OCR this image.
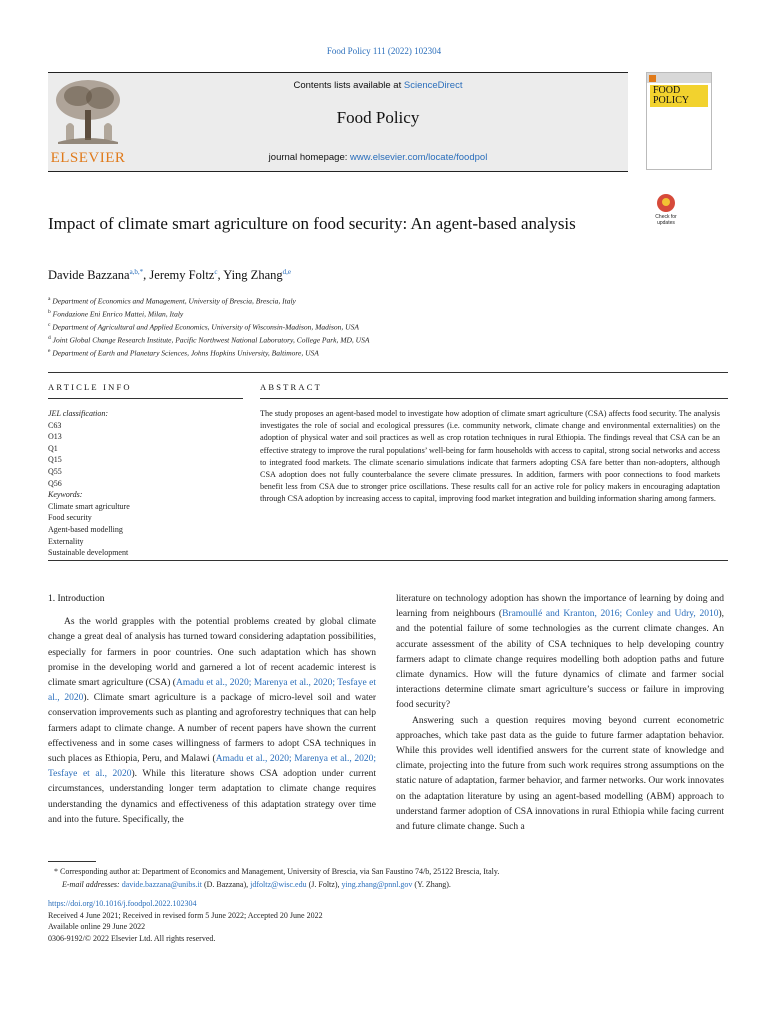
Food Policy 111 (2022) 102304
ELSEVIER
Contents lists available at ScienceDirect
Food Policy
journal homepage: www.elsevier.com/locate/foodpol
FOOD POLICY
Check for
updates
Impact of climate smart agriculture on food security: An agent-based analysis
Davide Bazzana$^{a,b,*}$, Jeremy Foltz$^c$, Ying Zhang$^{d,e}$
$^a$ Department of Economics and Management, University of Brescia, Brescia, Italy
$^b$ Fondazione Eni Enrico Mattei, Milan, Italy
$^c$ Department of Agricultural and Applied Economics, University of Wisconsin-Madison, Madison, USA
$^d$ Joint Global Change Research Institute, Pacific Northwest National Laboratory, College Park, MD, USA
$^e$ Department of Earth and Planetary Sciences, Johns Hopkins University, Baltimore, USA
ARTICLE INFO	ABSTRACT
JEL classification:
C63
O13
Q1
Q15
Q55
Q56
Keywords:
Climate smart agriculture
Food security
Agent-based modelling
Externality
Sustainable development
The study proposes an agent-based model to investigate how adoption of climate smart agriculture (CSA) affects food security. The analysis investigates the role of social and ecological pressures (i.e. community network, climate change and environmental externalities) on the adoption of physical water and soil practices as well as crop rotation techniques in rural Ethiopia. The findings reveal that CSA can be an effective strategy to improve the rural populations’ well-being for farm households with access to capital, strong social networks and access to integrated food markets. The climate scenario simulations indicate that farmers adopting CSA fare better than non-adopters, although CSA adoption does not fully counterbalance the severe climate pressures. In addition, farmers with poor connections to food markets benefit less from CSA due to stronger price oscillations. These results call for an active role for policy makers in encouraging adaptation through CSA adoption by increasing access to capital, improving food market integration and building information sharing among farmers.

1. Introduction

As the world grapples with the potential problems created by global climate change a great deal of analysis has turned toward considering adaptation possibilities, especially for farmers in poor countries. One such adaptation which has shown promise in the developing world and garnered a lot of recent academic interest is climate smart agriculture (CSA) (Amadu et al., 2020; Marenya et al., 2020; Tesfaye et al., 2020). Climate smart agriculture is a package of micro-level soil and water conservation improvements such as planting and agroforestry techniques that can help farmers adapt to climate change. A number of recent papers have shown the current effectiveness and in some cases willingness of farmers to adopt CSA techniques in such places as Ethiopia, Peru, and Malawi (Amadu et al., 2020; Marenya et al., 2020; Tesfaye et al., 2020). While this literature shows CSA adoption under current circumstances, understanding longer term adaptation to climate change requires understanding the dynamics and effectiveness of this adaptation strategy over time and into the future. Specifically, the

literature on technology adoption has shown the importance of learning by doing and learning from neighbours (Bramoullé and Kranton, 2016; Conley and Udry, 2010), and the potential failure of some technologies as the current climate changes. An accurate assessment of the ability of CSA techniques to help developing country farmers adapt to climate change requires modelling both adoption paths and future climate dynamics. How will the future dynamics of climate and farmer social interactions determine climate smart agriculture’s success or failure in improving food security?

Answering such a question requires moving beyond current econometric approaches, which take past data as the guide to future farmer adaptation behavior. While this provides well identified answers for the current state of knowledge and climate, projecting into the future from such work requires strong assumptions on the static nature of adaptation, farmer behavior, and farmer networks. Our work innovates on the adaptation literature by using an agent-based modelling (ABM) approach to understand farmer adoption of CSA innovations in rural Ethiopia while facing current and future climate change. Such a

* Corresponding author at: Department of Economics and Management, University of Brescia, via San Faustino 74/b, 25122 Brescia, Italy.
E-mail addresses: davide.bazzana@unibs.it (D. Bazzana), jdfoltz@wisc.edu (J. Foltz), ying.zhang@pnnl.gov (Y. Zhang).
https://doi.org/10.1016/j.foodpol.2022.102304
Received 4 June 2021; Received in revised form 5 June 2022; Accepted 20 June 2022
Available online 29 June 2022
0306-9192/© 2022 Elsevier Ltd. All rights reserved.
